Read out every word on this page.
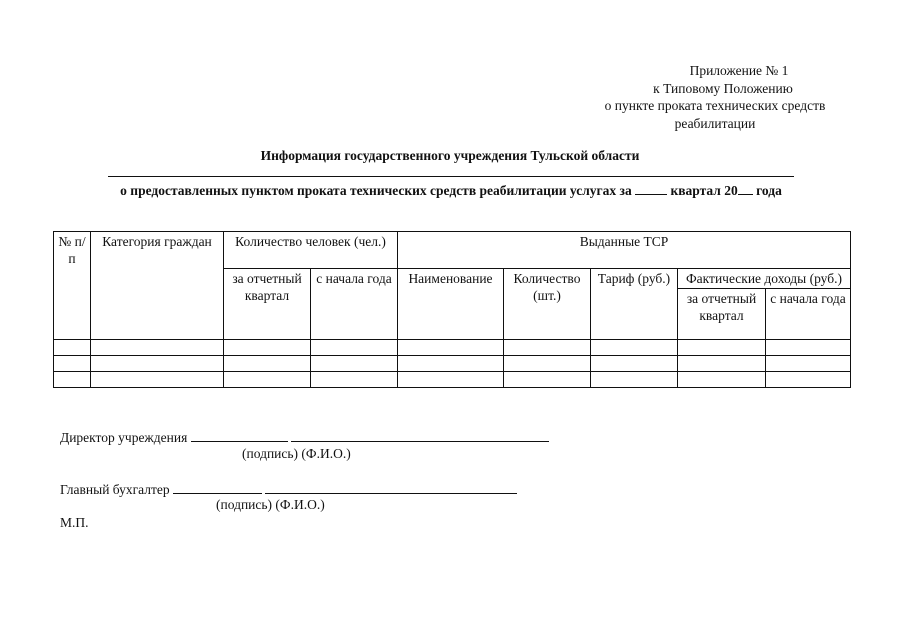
Приложение № 1
к Типовому Положению
о пункте проката технических средств
реабилитации
Информация государственного учреждения Тульской области
о предоставленных пунктом проката технических средств реабилитации услугах за	квартал 20 года
№ п/п	Категория граждан	Количество человек (чел.)		Выданные ТСР				
		за отчетный квартал	с начала года	Наименование	Количество (шт.)	Тариф (руб.)	Фактические доходы (руб.)	
							за отчетный квартал	с начала года

Директор учреждения
(подпись) (Ф.И.О.)
Главный бухгалтер
(подпись) (Ф.И.О.)
М.П.
